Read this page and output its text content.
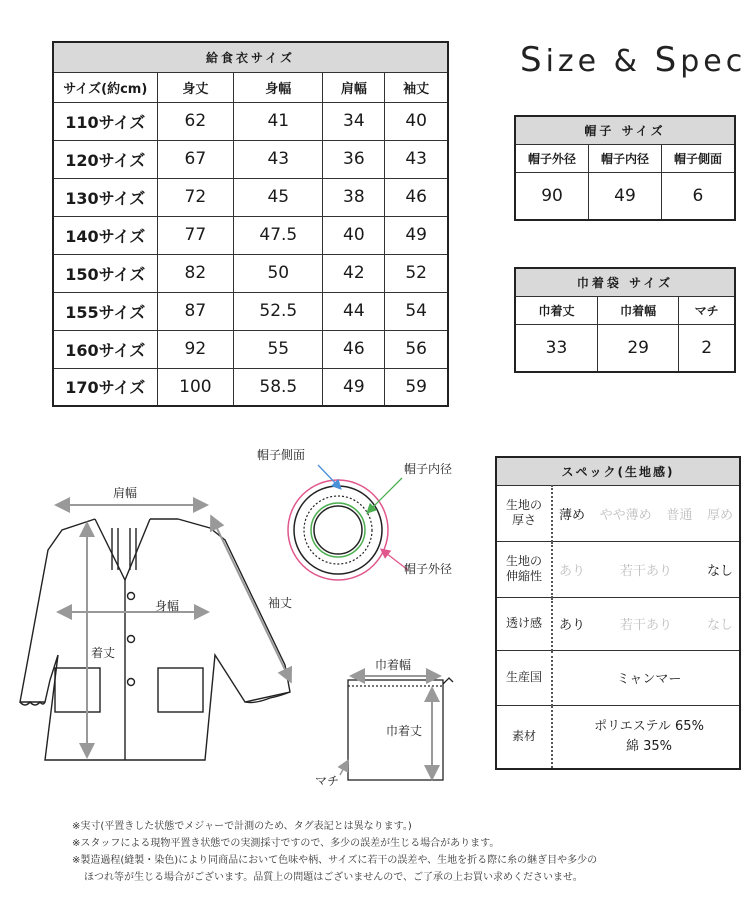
給食衣サイズ				
サイズ(約cm)	身丈	身幅	肩幅	袖丈
110サイズ	62	41	34	40
120サイズ	67	43	36	43
130サイズ	72	45	38	46
140サイズ	77	47.5	40	49
150サイズ	82	50	42	52
155サイズ	87	52.5	44	54
160サイズ	92	55	46	56
170サイズ	100	58.5	49	59
Size & Spec
帽子 サイズ		
帽子外径	帽子内径	帽子側面
90	49	6
巾着袋 サイズ		
巾着丈	巾着幅	マチ
33	29	2
肩幅
身幅
着丈
袖丈
帽子側面
帽子内径
帽子外径
巾着幅
巾着丈
マチ
スペック(生地感)	
生地の
厚さ	薄め やや薄め 普通 厚め

生地の
伸縮性	あり 若干あり なし

透け感	あり 若干あり なし

生産国	ミャンマー
素材	ポリエステル 65%
綿 35%
※実寸(平置きした状態でメジャーで計測のため、タグ表記とは異なります。)
※スタッフによる現物平置き状態での実測採寸ですので、多少の誤差が生じる場合があります。
※製造過程(縫製・染色)により同商品において色味や柄、サイズに若干の誤差や、生地を折る際に糸の継ぎ目や多少の
ほつれ等が生じる場合がございます。品質上の問題はございませんので、ご了承の上お買い求めくださいませ。
